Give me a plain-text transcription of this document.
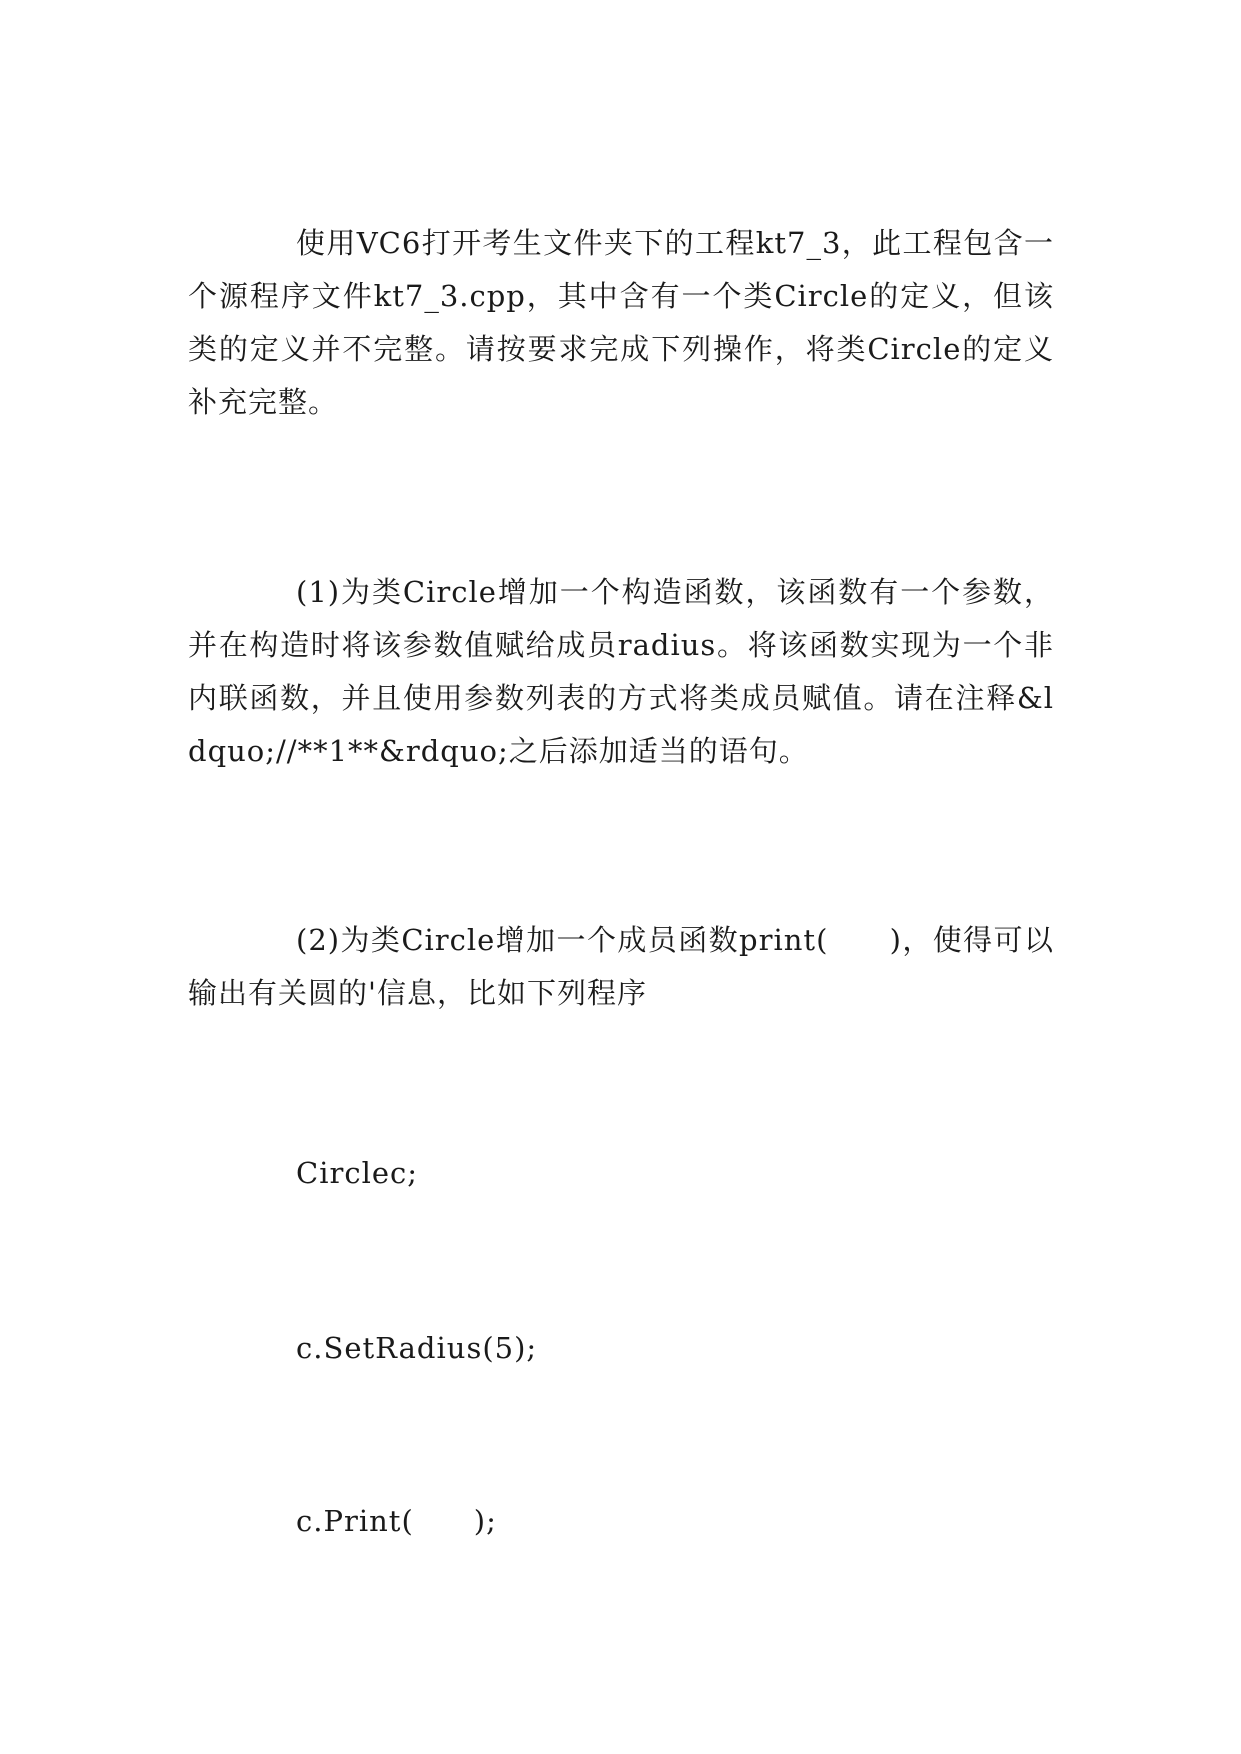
使用VC6打开考生文件夹下的工程kt7_3，此工程包含一个源程序文件kt7_3.cpp，其中含有一个类Circle的定义，但该类的定义并不完整。请按要求完成下列操作，将类Circle的定义补充完整。

(1)为类Circle增加一个构造函数，该函数有一个参数，并在构造时将该参数值赋给成员radius。将该函数实现为一个非内联函数，并且使用参数列表的方式将类成员赋值。请在注释&ldquo;//**1**&rdquo;之后添加适当的语句。

(2)为类Circle增加一个成员函数print(　　)，使得可以输出有关圆的'信息，比如下列程序

Circlec;
c.SetRadius(5);
c.Print(　　);
